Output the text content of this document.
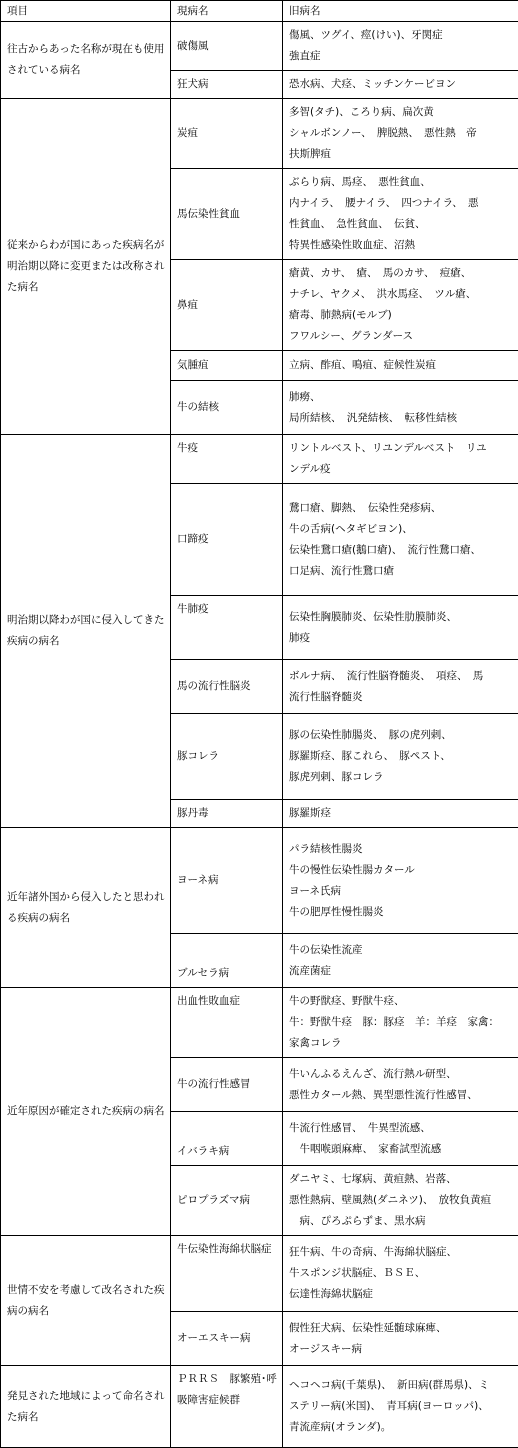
項目	現病名	旧病名
往古からあった名称が現在も使用されている病名	破傷風	傷風、ツグイ、痙(けい)、牙関症
強直症

	狂犬病	恐水病、犬痉、ミッチンケービヨン

従来からわが国にあった疾病名が明治期以降に変更または改称された病名	炭疽	多智(タチ)、ころり病、扁次黄
シャルボンノー、　脾脱熱、　悪性熱　帝
扶斯脾疽

	馬伝染性貧血	ぶらり病、馬痉、　悪性貧血、
内ナイラ、　腰ナイラ、　四つナイラ、　悪
性貧血、　急性貧血、　伝貧、
特異性感染性敗血症、沼熱

	鼻疽	瘡黄、カサ、　瘡、　馬のカサ、　痘瘡、
ナチレ、ヤクメ、　洪水馬痉、　ツル瘡、
瘡毒、肺熱病(モルブ)
フワルシー、グランダース

	気腫疽	立病、酢疽、鳴疽、症候性炭疽

	牛の結核	肺癆、
局所結核、　汎発結核、　転移性結核

明治期以降わが国に侵入してきた疾病の病名	牛疫	リントルベスト、リユンデルベスト　リユ
ンデル疫

	口蹄疫	鵞口瘡、脚熱、　伝染性発疹病、
牛の舌病(ヘタギビヨン)、
伝染性鵞口瘡(鵝口瘡)、　流行性鵞口瘡、
口足病、流行性鵞口瘡

	牛肺疫	伝染性胸膜肺炎、伝染性肋膜肺炎、
肺疫

	馬の流行性脳炎	ボルナ病、　流行性脳脊髄炎、　項痉、　馬
流行性脳脊髄炎

	豚コレラ	豚の伝染性肺腸炎、　豚の虎列剌、
豚羅斯痉、豚これら、　豚ペスト、
豚虎列剌、豚コレラ

	豚丹毒	豚羅斯痉

近年諸外国から侵入したと思われる疾病の病名	ヨーネ病	パラ結核性腸炎
牛の慢性伝染性腸カタール
ヨーネ氏病
牛の肥厚性慢性腸炎

	ブルセラ病	牛の伝染性流産
流産菌症

近年原因が確定された疾病の病名	出血性敗血症	牛の野獣痉、野獣牛痉、
牛：野獣牛痉　豚：豚痉　羊：羊痉　家禽：
家禽コレラ

	牛の流行性感冒	牛いんふるえんざ、流行熱ル研型、
悪性カタール熱、異型悪性流行性感冒、

	イバラキ病	牛流行性感冒、　牛異型流感、
　牛咽喉頭麻痺、　家畜試型流感

	ピロプラズマ病	ダニヤミ、七塚病、黄疸熱、岩落、
悪性熱病、壁風熱(ダニネツ)、　放牧負黄疸
　病、ぴろぷらずま、黒水病

世情不安を考慮して改名された疾病の病名	牛伝染性海綿状脳症	狂牛病、牛の奇病、牛海綿状脳症、
牛スポンジ状脳症、ＢＳＥ、
伝達性海綿状脳症

	オーエスキー病	假性狂犬病、伝染性延髄球麻痺、
オージスキー病

発見された地域によって命名された病名	ＰＲＲＳ　豚繁殖･呼吸障害症候群	ヘコヘコ病(千葉県)、　新田病(群馬県)、ミ
ステリー病(米国)、　青耳病(ヨーロッパ)、
青流産病(オランダ)。
